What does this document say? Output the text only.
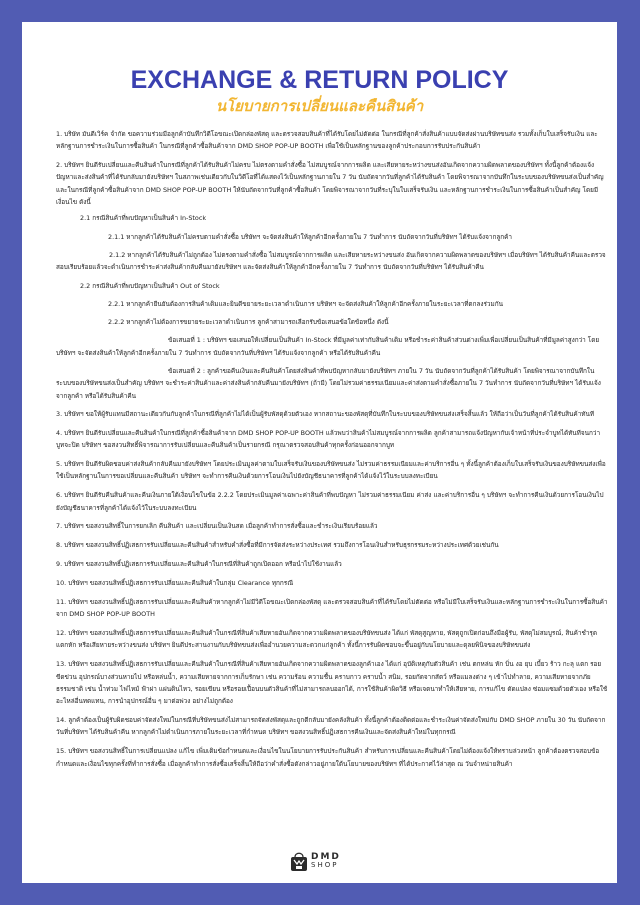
EXCHANGE & RETURN POLICY
นโยบายการเปลี่ยนและคืนสินค้า

1. บริษัท มันดีเวิร์ค จำกัด ขอความร่วมมือลูกค้าบันทึกวิดีโอขณะเปิดกล่องพัสดุ และตรวจสอบสินค้าที่ได้รับโดยไม่ตัดต่อ ในกรณีที่ลูกค้าสั่งสินค้าแบบจัดส่งผ่านบริษัทขนส่ง รวมทั้งเก็บใบเสร็จรับเงิน และหลักฐานการชำระเงินในการซื้อสินค้า ในกรณีที่ลูกค้าซื้อสินค้าจาก DMD SHOP POP-UP BOOTH เพื่อใช้เป็นหลักฐานของลูกค้าประกอบการรับประกันสินค้า

2. บริษัทฯ ยินดีรับเปลี่ยนและคืนสินค้าในกรณีที่ลูกค้าได้รับสินค้าไม่ครบ ไม่ตรงตามคำสั่งซื้อ ไม่สมบูรณ์จากการผลิต และเสียหายระหว่างขนส่งอันเกิดจากความผิดพลาดของบริษัทฯ ทั้งนี้ลูกค้าต้องแจ้งปัญหาและส่งสินค้าที่ได้รับกลับมายังบริษัทฯ ในสภาพเช่นเดียวกับในวิดีโอที่ได้แสดงไว้เป็นหลักฐานภายใน 7 วัน นับถัดจากวันที่ลูกค้าได้รับสินค้า โดยพิจารณาจากบันทึกในระบบของบริษัทขนส่งเป็นสำคัญ และในกรณีที่ลูกค้าซื้อสินค้าจาก DMD SHOP POP-UP BOOTH ให้นับถัดจากวันที่ลูกค้าซื้อสินค้า โดยพิจารณาจากวันที่ระบุในใบเสร็จรับเงิน และหลักฐานการชำระเงินในการซื้อสินค้าเป็นสำคัญ โดยมีเงื่อนไข ดังนี้

2.1 กรณีสินค้าที่พบปัญหาเป็นสินค้า In-Stock

2.1.1 หากลูกค้าได้รับสินค้าไม่ครบตามคำสั่งซื้อ บริษัทฯ จะจัดส่งสินค้าให้ลูกค้าอีกครั้งภายใน 7 วันทำการ นับถัดจากวันที่บริษัทฯ ได้รับแจ้งจากลูกค้า

2.1.2 หากลูกค้าได้รับสินค้าไม่ถูกต้อง ไม่ตรงตามคำสั่งซื้อ ไม่สมบูรณ์จากการผลิต และเสียหายระหว่างขนส่ง อันเกิดจากความผิดพลาดของบริษัทฯ เมื่อบริษัทฯ ได้รับสินค้าคืนและตรวจสอบเรียบร้อยแล้วจะดำเนินการชำระค่าส่งสินค้ากลับคืนมายังบริษัทฯ และจัดส่งสินค้าให้ลูกค้าอีกครั้งภายใน 7 วันทำการ นับถัดจากวันที่บริษัทฯ ได้รับสินค้าคืน

2.2 กรณีสินค้าที่พบปัญหาเป็นสินค้า Out of Stock

2.2.1 หากลูกค้ายืนยันต้องการสินค้าเดิมและยินดีขยายระยะเวลาดำเนินการ บริษัทฯ จะจัดส่งสินค้าให้ลูกค้าอีกครั้งภายในระยะเวลาที่ตกลงร่วมกัน

2.2.2 หากลูกค้าไม่ต้องการขยายระยะเวลาดำเนินการ ลูกค้าสามารถเลือกรับข้อเสนอข้อใดข้อหนึ่ง ดังนี้

ข้อเสนอที่ 1 : บริษัทฯ ขอเสนอให้เปลี่ยนเป็นสินค้า In-Stock ที่มีมูลค่าเท่ากับสินค้าเดิม หรือชำระค่าสินค้าส่วนต่างเพิ่มเพื่อเปลี่ยนเป็นสินค้าที่มีมูลค่าสูงกว่า โดยบริษัทฯ จะจัดส่งสินค้าให้ลูกค้าอีกครั้งภายใน 7 วันทำการ นับถัดจากวันที่บริษัทฯ ได้รับแจ้งจากลูกค้า หรือได้รับสินค้าคืน

ข้อเสนอที่ 2 : ลูกค้าขอคืนเงินและคืนสินค้าโดยส่งสินค้าที่พบปัญหากลับมายังบริษัทฯ ภายใน 7 วัน นับถัดจากวันที่ลูกค้าได้รับสินค้า โดยพิจารณาจากบันทึกในระบบของบริษัทขนส่งเป็นสำคัญ บริษัทฯ จะชำระค่าสินค้าและค่าส่งสินค้ากลับคืนมายังบริษัทฯ (ถ้ามี) โดยไม่รวมค่าธรรมเนียมและค่าส่งตามคำสั่งซื้อภายใน 7 วันทำการ นับถัดจากวันที่บริษัทฯ ได้รับแจ้งจากลูกค้า หรือได้รับสินค้าคืน

3. บริษัทฯ ขอให้ผู้รับแทนมีสถานะเดียวกันกับลูกค้าในกรณีที่ลูกค้าไม่ได้เป็นผู้รับพัสดุด้วยตัวเอง หากสถานะของพัสดุที่บันทึกในระบบของบริษัทขนส่งเสร็จสิ้นแล้ว ให้ถือว่าเป็นวันที่ลูกค้าได้รับสินค้าทันที

4. บริษัทฯ ยินดีรับเปลี่ยนและคืนสินค้าในกรณีที่ลูกค้าซื้อสินค้าจาก DMD SHOP POP-UP BOOTH แล้วพบว่าสินค้าไม่สมบูรณ์จากการผลิต ลูกค้าสามารถแจ้งปัญหากับเจ้าหน้าที่ประจำบูทได้ทันทีจนกว่าบูทจะปิด บริษัทฯ ขอสงวนสิทธิ์พิจารณาการรับเปลี่ยนและคืนสินค้าเป็นรายกรณี กรุณาตรวจสอบสินค้าทุกครั้งก่อนออกจากบูท

5. บริษัทฯ ยินดีรับผิดชอบค่าส่งสินค้ากลับคืนมายังบริษัทฯ โดยประเมินมูลค่าตามใบเสร็จรับเงินของบริษัทขนส่ง ไม่รวมค่าธรรมเนียมและค่าบริการอื่น ๆ ทั้งนี้ลูกค้าต้องเก็บใบเสร็จรับเงินของบริษัทขนส่งเพื่อใช้เป็นหลักฐานในการขอเปลี่ยนและคืนสินค้า บริษัทฯ จะทำการคืนเงินด้วยการโอนเงินไปยังบัญชีธนาคารที่ลูกค้าได้แจ้งไว้ในระบบลงทะเบียน

6. บริษัทฯ ยินดีรับคืนสินค้าและคืนเงินภายใต้เงื่อนไขในข้อ 2.2.2 โดยประเมินมูลค่าเฉพาะค่าสินค้าที่พบปัญหา ไม่รวมค่าธรรมเนียม ค่าส่ง และค่าบริการอื่น ๆ บริษัทฯ จะทำการคืนเงินด้วยการโอนเงินไปยังบัญชีธนาคารที่ลูกค้าได้แจ้งไว้ในระบบลงทะเบียน

7. บริษัทฯ ขอสงวนสิทธิ์ในการยกเลิก คืนสินค้า และเปลี่ยนเป็นเงินสด เมื่อลูกค้าทำการสั่งซื้อและชำระเงินเรียบร้อยแล้ว

8. บริษัทฯ ขอสงวนสิทธิ์ปฏิเสธการรับเปลี่ยนและคืนสินค้าสำหรับคำสั่งซื้อที่มีการจัดส่งระหว่างประเทศ รวมถึงการโอนเงินสำหรับธุรกรรมระหว่างประเทศด้วยเช่นกัน

9. บริษัทฯ ขอสงวนสิทธิ์ปฏิเสธการรับเปลี่ยนและคืนสินค้าในกรณีที่สินค้าถูกเปิดออก หรือนำไปใช้งานแล้ว

10. บริษัทฯ ขอสงวนสิทธิ์ปฏิเสธการรับเปลี่ยนและคืนสินค้าในกลุ่ม Clearance ทุกกรณี

11. บริษัทฯ ขอสงวนสิทธิ์ปฏิเสธการรับเปลี่ยนและคืนสินค้าหากลูกค้าไม่มีวิดีโอขณะเปิดกล่องพัสดุ และตรวจสอบสินค้าที่ได้รับโดยไม่ตัดต่อ หรือไม่มีใบเสร็จรับเงินและหลักฐานการชำระเงินในการซื้อสินค้าจาก DMD SHOP POP-UP BOOTH

12. บริษัทฯ ขอสงวนสิทธิ์ปฏิเสธการรับเปลี่ยนและคืนสินค้าในกรณีที่สินค้าเสียหายอันเกิดจากความผิดพลาดของบริษัทขนส่ง ได้แก่ พัสดุสูญหาย, พัสดุถูกเปิดก่อนถึงมือผู้รับ, พัสดุไม่สมบูรณ์, สินค้าชำรุด แตกหัก หรือเสียหายระหว่างขนส่ง บริษัทฯ ยินดีประสานงานกับบริษัทขนส่งเพื่ออำนวยความสะดวกแก่ลูกค้า ทั้งนี้การรับผิดชอบจะขึ้นอยู่กับนโยบายและดุลยพินิจของบริษัทขนส่ง

13. บริษัทฯ ขอสงวนสิทธิ์ปฏิเสธการรับเปลี่ยนและคืนสินค้าในกรณีที่สินค้าเสียหายอันเกิดจากความผิดพลาดของลูกค้าเอง ได้แก่ อุบัติเหตุกับตัวสินค้า เช่น ตกหล่น หัก บิ่น งอ ยุบ เบี้ยว ร้าว กะลุ แตก รอยขีดข่วน อุปกรณ์บางส่วนหายไป หรือหล่นน้ำ, ความเสียหายจากการเก็บรักษา เช่น ความร้อน ความชื้น คราบกาว คราบน้ำ สนิม, รอยกัดจากสัตว์ หรือแมลงต่าง ๆ เข้าไปทำลาย, ความเสียหายจากภัยธรรมชาติ เช่น น้ำท่วม ไฟไหม้ ฟ้าผ่า แผ่นดินไหว, รอยเขียน หรือรอยเปื้อนบนตัวสินค้าที่ไม่สามารถลบออกได้, การใช้สินค้าผิดวิธี หรือเจตนาทำให้เสียหาย, การแก้ไข ดัดแปลง ซ่อมแซมด้วยตัวเอง หรือใช้อะไหล่อื่นทดแทน, การนำอุปกรณ์อื่น ๆ มาต่อพ่วง อย่างไม่ถูกต้อง

14. ลูกค้าต้องเป็นผู้รับผิดชอบค่าจัดส่งใหม่ในกรณีที่บริษัทขนส่งไม่สามารถจัดส่งพัสดุและถูกตีกลับมายังคลังสินค้า ทั้งนี้ลูกค้าต้องติดต่อและชำระเงินค่าจัดส่งใหม่กับ DMD SHOP ภายใน 30 วัน นับถัดจากวันที่บริษัทฯ ได้รับสินค้าคืน หากลูกค้าไม่ดำเนินการภายในระยะเวลาที่กำหนด บริษัทฯ ขอสงวนสิทธิ์ปฏิเสธการคืนเงินและจัดส่งสินค้าใหม่ในทุกกรณี

15. บริษัทฯ ขอสงวนสิทธิ์ในการเปลี่ยนแปลง แก้ไข เพิ่มเติมข้อกำหนดและเงื่อนไขในนโยบายการรับประกันสินค้า สำหรับการเปลี่ยนและคืนสินค้าโดยไม่ต้องแจ้งให้ทราบล่วงหน้า ลูกค้าต้องตรวจสอบข้อกำหนดและเงื่อนไขทุกครั้งที่ทำการสั่งซื้อ เมื่อลูกค้าทำการสั่งซื้อเสร็จสิ้นให้ถือว่าคำสั่งซื้อดังกล่าวอยู่ภายใต้นโยบายของบริษัทฯ ที่ได้ประกาศไว้ล่าสุด ณ วันจำหน่ายสินค้า

DMD
SHOP
